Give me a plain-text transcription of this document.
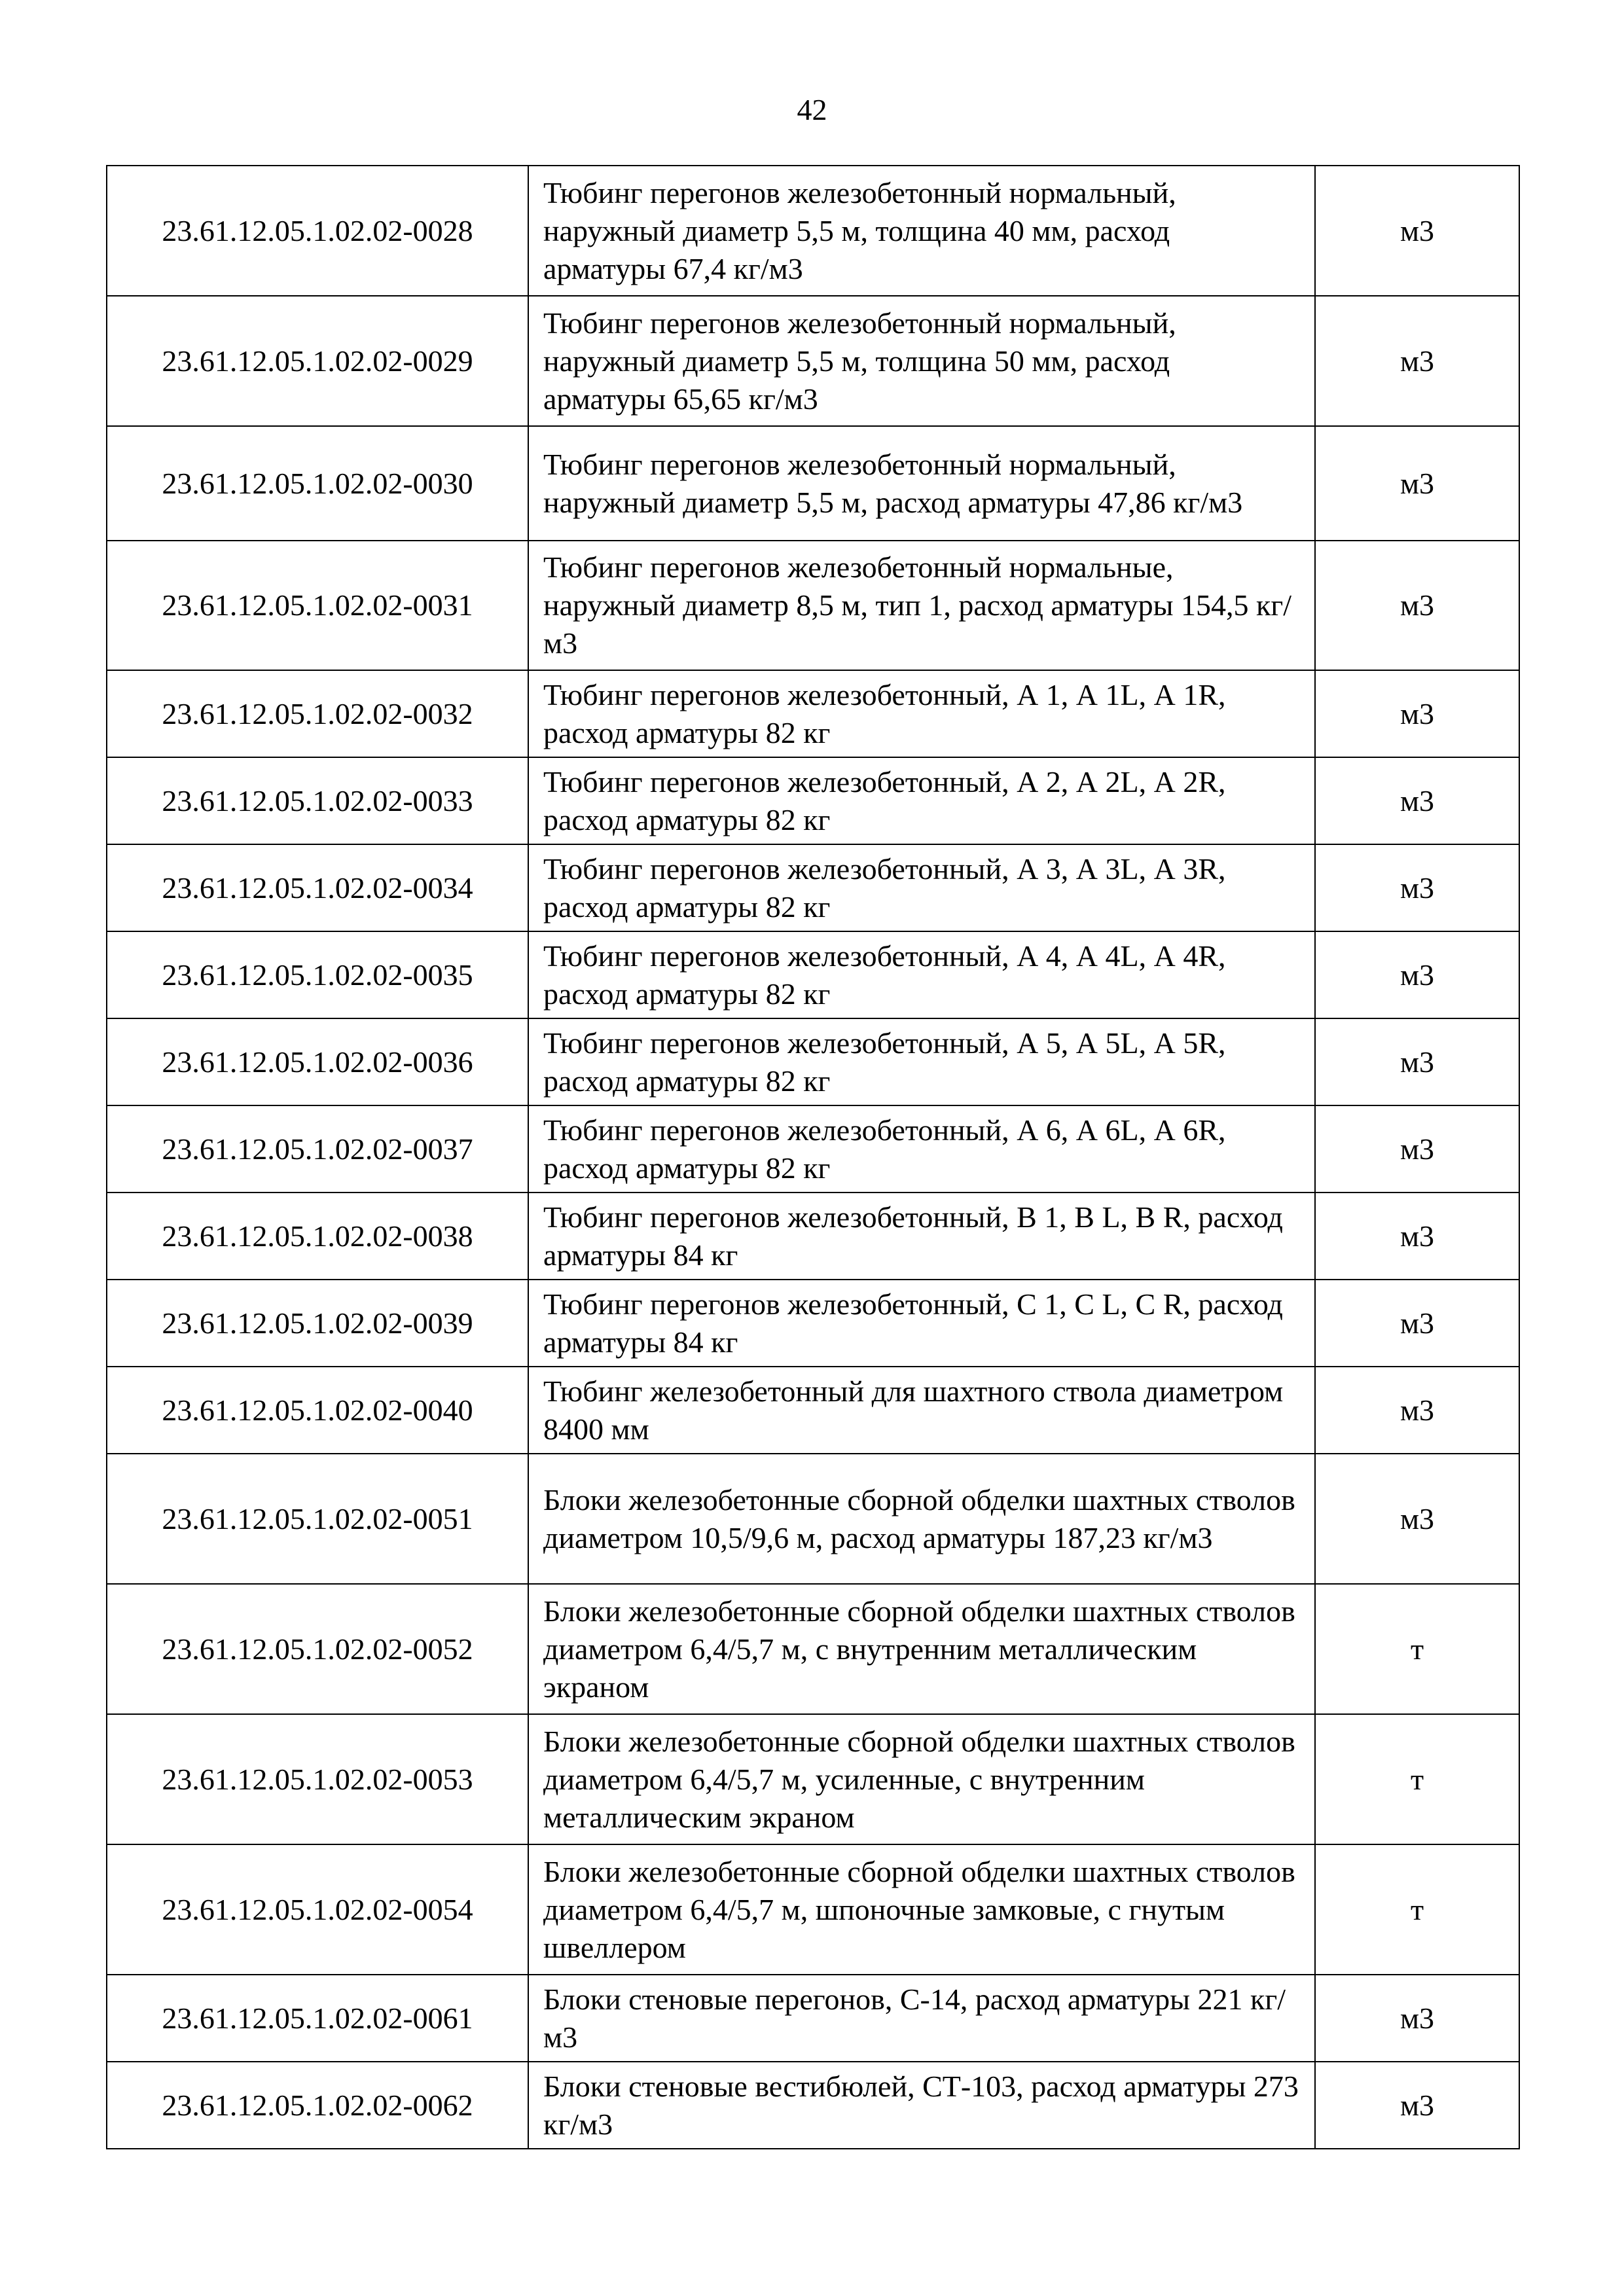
42
23.61.12.05.1.02.02-0028	Тюбинг перегонов железобетонный нормальный, наружный диаметр 5,5 м, толщина 40 мм, расход арматуры 67,4 кг/м3	м3
23.61.12.05.1.02.02-0029	Тюбинг перегонов железобетонный нормальный, наружный диаметр 5,5 м, толщина 50 мм, расход арматуры 65,65 кг/м3	м3
23.61.12.05.1.02.02-0030	Тюбинг перегонов железобетонный нормальный, наружный диаметр 5,5 м, расход арматуры 47,86 кг/м3	м3
23.61.12.05.1.02.02-0031	Тюбинг перегонов железобетонный нормальные, наружный диаметр 8,5 м, тип 1, расход арматуры 154,5 кг/м3	м3
23.61.12.05.1.02.02-0032	Тюбинг перегонов железобетонный, А 1, А 1L, А 1R, расход арматуры 82 кг	м3
23.61.12.05.1.02.02-0033	Тюбинг перегонов железобетонный, А 2, А 2L, А 2R, расход арматуры 82 кг	м3
23.61.12.05.1.02.02-0034	Тюбинг перегонов железобетонный, А 3, А 3L, А 3R, расход арматуры 82 кг	м3
23.61.12.05.1.02.02-0035	Тюбинг перегонов железобетонный, А 4, А 4L, А 4R, расход арматуры 82 кг	м3
23.61.12.05.1.02.02-0036	Тюбинг перегонов железобетонный, А 5, А 5L, А 5R, расход арматуры 82 кг	м3
23.61.12.05.1.02.02-0037	Тюбинг перегонов железобетонный, А 6, А 6L, А 6R, расход арматуры 82 кг	м3
23.61.12.05.1.02.02-0038	Тюбинг перегонов железобетонный, В 1, В L, В R, расход арматуры 84 кг	м3
23.61.12.05.1.02.02-0039	Тюбинг перегонов железобетонный, С 1, С L, С R, расход арматуры 84 кг	м3
23.61.12.05.1.02.02-0040	Тюбинг железобетонный для шахтного ствола диаметром 8400 мм	м3
23.61.12.05.1.02.02-0051	Блоки железобетонные сборной обделки шахтных стволов диаметром 10,5/9,6 м, расход арматуры 187,23 кг/м3	м3
23.61.12.05.1.02.02-0052	Блоки железобетонные сборной обделки шахтных стволов диаметром 6,4/5,7 м, с внутренним металлическим экраном	т
23.61.12.05.1.02.02-0053	Блоки железобетонные сборной обделки шахтных стволов диаметром 6,4/5,7 м, усиленные, с внутренним металлическим экраном	т
23.61.12.05.1.02.02-0054	Блоки железобетонные сборной обделки шахтных стволов диаметром 6,4/5,7 м, шпоночные замковые, с гнутым швеллером	т
23.61.12.05.1.02.02-0061	Блоки стеновые перегонов, С-14, расход арматуры 221 кг/м3	м3
23.61.12.05.1.02.02-0062	Блоки стеновые вестибюлей, СТ-103, расход арматуры 273 кг/м3	м3
